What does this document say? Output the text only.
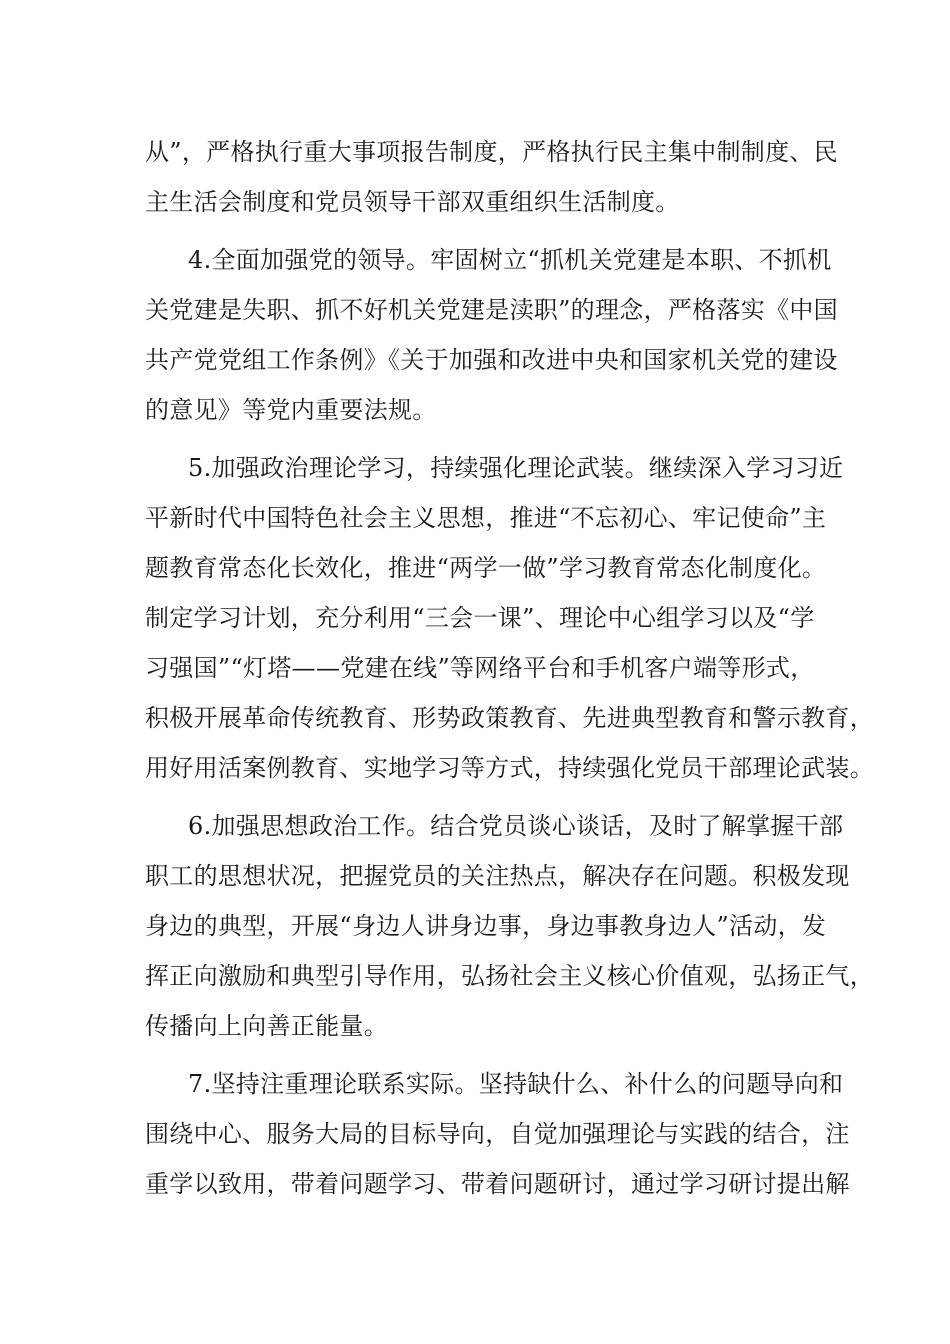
从”，严格执行重大事项报告制度，严格执行民主集中制制度、民
主生活会制度和党员领导干部双重组织生活制度。
4.全面加强党的领导。牢固树立“抓机关党建是本职、不抓机
关党建是失职、抓不好机关党建是渎职”的理念，严格落实《中国
共产党党组工作条例》《关于加强和改进中央和国家机关党的建设
的意见》等党内重要法规。
5.加强政治理论学习，持续强化理论武装。继续深入学习习近
平新时代中国特色社会主义思想，推进“不忘初心、牢记使命”主
题教育常态化长效化，推进“两学一做”学习教育常态化制度化。
制定学习计划，充分利用“三会一课”、理论中心组学习以及“学
习强国”“灯塔——党建在线”等网络平台和手机客户端等形式，
积极开展革命传统教育、形势政策教育、先进典型教育和警示教育，
用好用活案例教育、实地学习等方式，持续强化党员干部理论武装。
6.加强思想政治工作。结合党员谈心谈话，及时了解掌握干部
职工的思想状况，把握党员的关注热点，解决存在问题。积极发现
身边的典型，开展“身边人讲身边事，身边事教身边人”活动，发
挥正向激励和典型引导作用，弘扬社会主义核心价值观，弘扬正气，
传播向上向善正能量。
7.坚持注重理论联系实际。坚持缺什么、补什么的问题导向和
围绕中心、服务大局的目标导向，自觉加强理论与实践的结合，注
重学以致用，带着问题学习、带着问题研讨，通过学习研讨提出解
